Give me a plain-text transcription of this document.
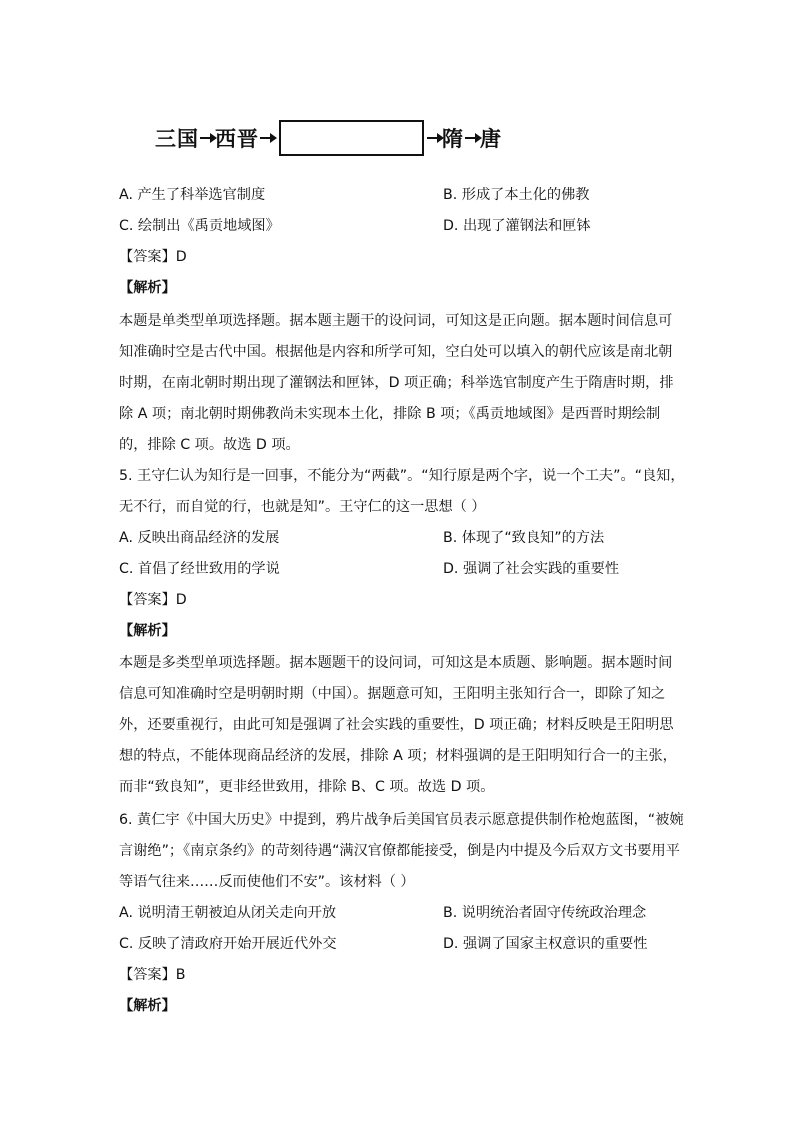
三国 西晋	隋 唐
A. 产生了科举选官制度	B. 形成了本土化的佛教
C. 绘制出《禹贡地域图》	D. 出现了灌钢法和匣钵
【答案】D
【解析】
本题是单类型单项选择题。据本题主题干的设问词，可知这是正向题。据本题时间信息可
知准确时空是古代中国。根据他是内容和所学可知，空白处可以填入的朝代应该是南北朝
时期，在南北朝时期出现了灌钢法和匣钵，D 项正确；科举选官制度产生于隋唐时期，排
除 A 项；南北朝时期佛教尚未实现本土化，排除 B 项；《禹贡地域图》是西晋时期绘制
的，排除 C 项。故选 D 项。
5. 王守仁认为知行是一回事，不能分为“两截”。“知行原是两个字，说一个工夫”。“良知，
无不行，而自觉的行，也就是知”。王守仁的这一思想（ ）
A. 反映出商品经济的发展	B. 体现了“致良知”的方法
C. 首倡了经世致用的学说	D. 强调了社会实践的重要性
【答案】D
【解析】
本题是多类型单项选择题。据本题题干的设问词，可知这是本质题、影响题。据本题时间
信息可知准确时空是明朝时期（中国）。据题意可知，王阳明主张知行合一，即除了知之
外，还要重视行，由此可知是强调了社会实践的重要性，D 项正确；材料反映是王阳明思
想的特点，不能体现商品经济的发展，排除 A 项；材料强调的是王阳明知行合一的主张，
而非“致良知”，更非经世致用，排除 B、C 项。故选 D 项。
6. 黄仁宇《中国大历史》中提到，鸦片战争后美国官员表示愿意提供制作枪炮蓝图，“被婉
言谢绝”；《南京条约》的苛刻待遇“满汉官僚都能接受，倒是内中提及今后双方文书要用平
等语气往来……反而使他们不安”。该材料（ ）
A. 说明清王朝被迫从闭关走向开放	B. 说明统治者固守传统政治理念
C. 反映了清政府开始开展近代外交	D. 强调了国家主权意识的重要性
【答案】B
【解析】
